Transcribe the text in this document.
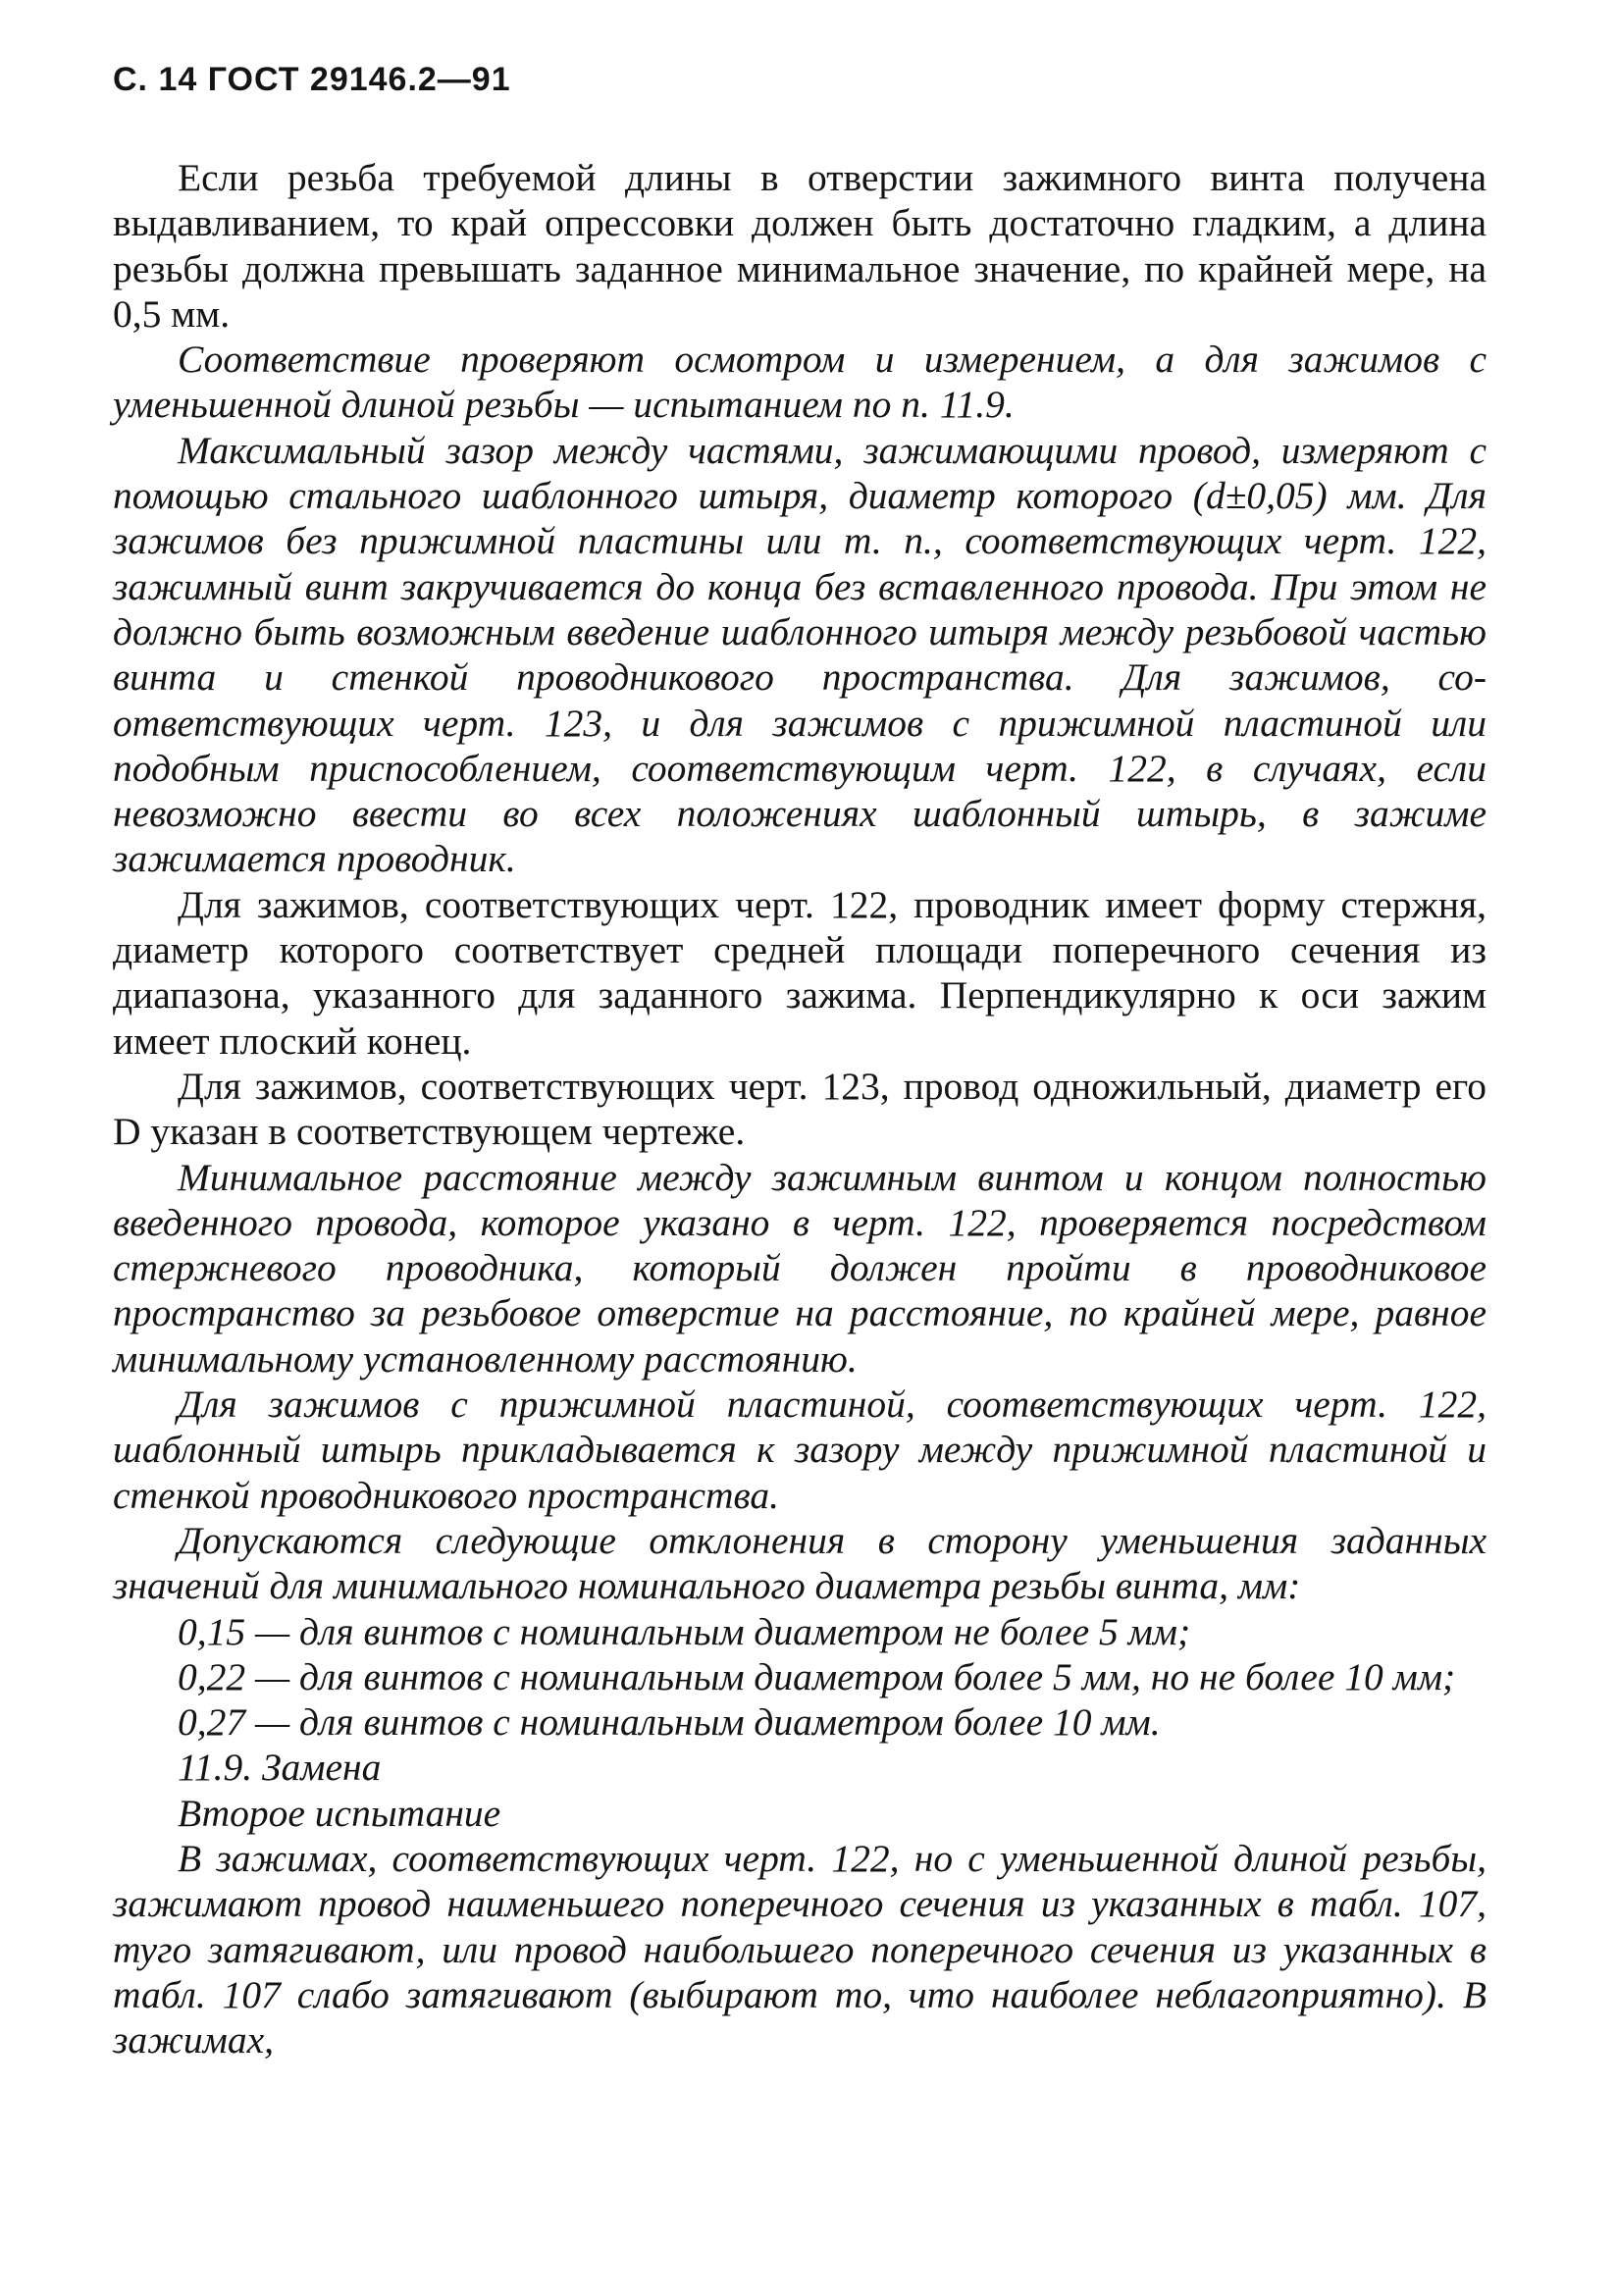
С. 14 ГОСТ 29146.2—91

Если резьба требуемой длины в отверстии зажимного винта получена выдавливанием, то край опрессовки должен быть достаточно гладким, а длина резьбы должна превышать заданное минимальное значение, по крайней мере, на 0,5 мм.

Соответствие проверяют осмотром и измерением, а для зажимов с уменьшенной длиной резьбы — испытанием по п. 11.9.

Максимальный зазор между частями, зажимающими провод, измеряют с помощью стального шаблонного штыря, диаметр которого (d±0,05) мм. Для зажимов без прижимной пластины или т. п., соответствующих черт. 122, зажимный винт закручивается до конца без вставленного провода. При этом не должно быть возможным введение шаблонного штыря между резьбовой частью винта и стенкой проводникового пространства. Для зажимов, соответствующих черт. 123, и для зажимов с прижимной пластиной или подобным приспособлением, соответствующим черт. 122, в случаях, если невозможно ввести во всех положениях шаблонный штырь, в зажиме зажимается проводник.

Для зажимов, соответствующих черт. 122, проводник имеет форму стержня, диаметр которого соответствует средней площади поперечного сечения из диапазона, указанного для заданного зажима. Перпендикулярно к оси зажим имеет плоский конец.

Для зажимов, соответствующих черт. 123, провод одножильный, диаметр его D указан в соответствующем чертеже.

Минимальное расстояние между зажимным винтом и концом полностью введенного провода, которое указано в черт. 122, проверяется посредством стержневого проводника, который должен пройти в проводниковое пространство за резьбовое отверстие на расстояние, по крайней мере, равное минимальному установленному расстоянию.

Для зажимов с прижимной пластиной, соответствующих черт. 122, шаблонный штырь прикладывается к зазору между прижимной пластиной и стенкой проводникового пространства.

Допускаются следующие отклонения в сторону уменьшения заданных значений для минимального номинального диаметра резьбы винта, мм:

0,15 — для винтов с номинальным диаметром не более 5 мм;

0,22 — для винтов с номинальным диаметром более 5 мм, но не более 10 мм;

0,27 — для винтов с номинальным диаметром более 10 мм.

11.9. Замена

Второе испытание

В зажимах, соответствующих черт. 122, но с уменьшенной длиной резьбы, зажимают провод наименьшего поперечного сечения из указанных в табл. 107, туго затягивают, или провод наибольшего поперечного сечения из указанных в табл. 107 слабо затягивают (выбирают то, что наиболее неблагоприятно). В зажимах,
